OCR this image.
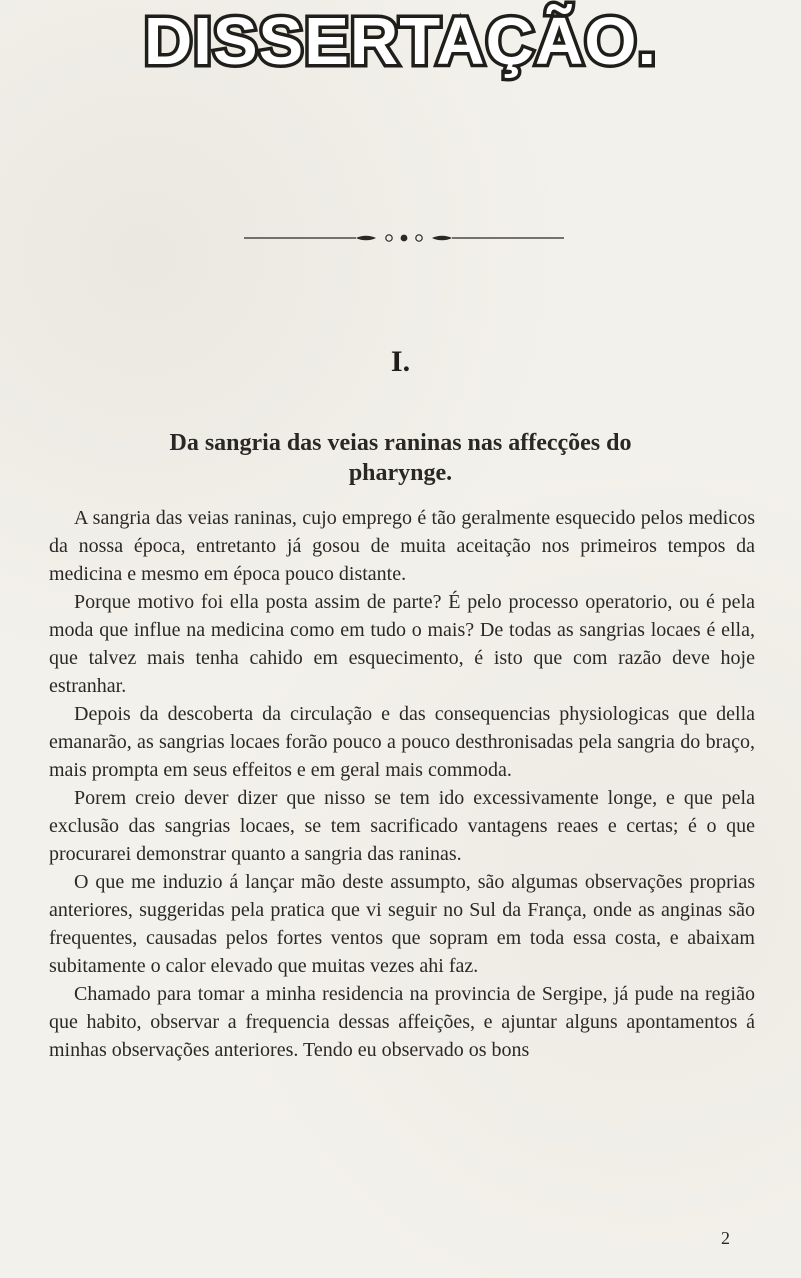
DISSERTAÇÃO.
I.
Da sangria das veias raninas nas affecções do pharynge.

A sangria das veias raninas, cujo emprego é tão geralmente esquecido pelos medicos da nossa época, entretanto já gosou de muita aceitação nos primeiros tempos da medicina e mesmo em época pouco distante.

Porque motivo foi ella posta assim de parte? É pelo processo operatorio, ou é pela moda que influe na medicina como em tudo o mais? De todas as sangrias locaes é ella, que talvez mais tenha cahido em esquecimento, é isto que com razão deve hoje estranhar.

Depois da descoberta da circulação e das consequencias physiologicas que della emanarão, as sangrias locaes forão pouco a pouco desthronisadas pela sangria do braço, mais prompta em seus effeitos e em geral mais commoda.

Porem creio dever dizer que nisso se tem ido excessivamente longe, e que pela exclusão das sangrias locaes, se tem sacrificado vantagens reaes e certas; é o que procurarei demonstrar quanto a sangria das raninas.

O que me induzio á lançar mão deste assumpto, são algumas observações proprias anteriores, suggeridas pela pratica que vi seguir no Sul da França, onde as anginas são frequentes, causadas pelos fortes ventos que sopram em toda essa costa, e abaixam subitamente o calor elevado que muitas vezes ahi faz.

Chamado para tomar a minha residencia na provincia de Sergipe, já pude na região que habito, observar a frequencia dessas affeições, e ajuntar alguns apontamentos á minhas observações anteriores. Tendo eu observado os bons

2
